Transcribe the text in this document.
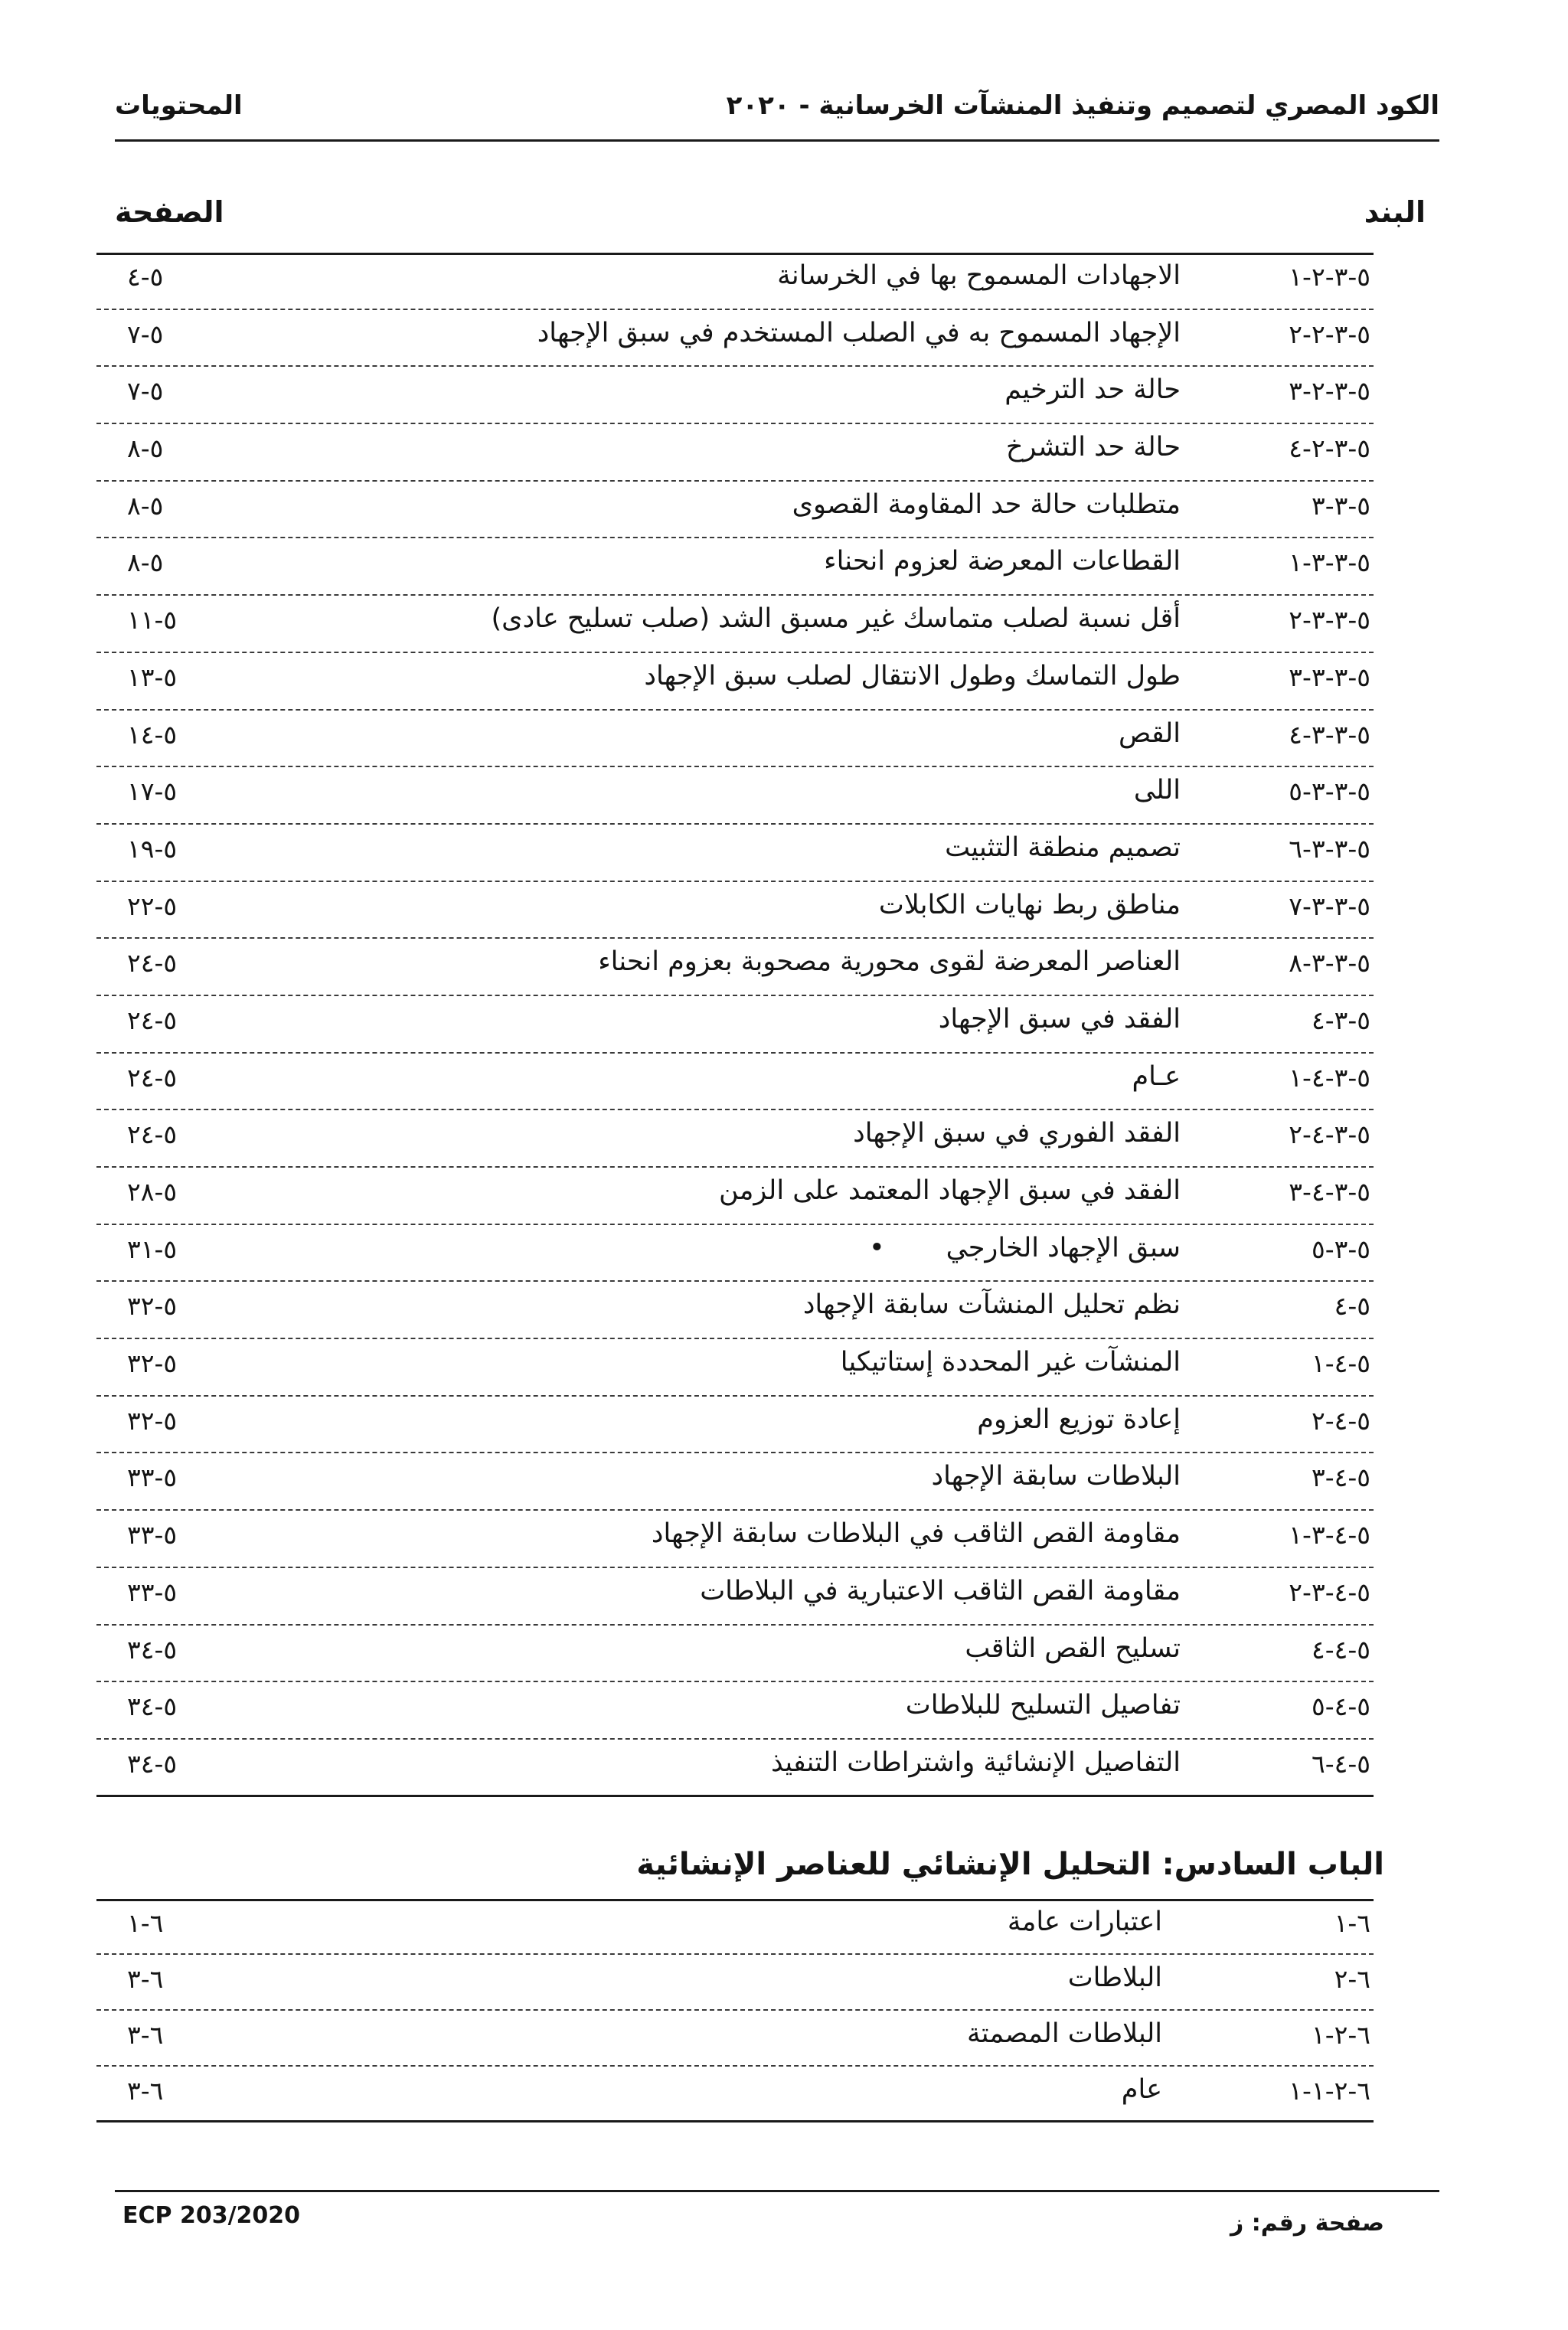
المحتويات	الكود المصري لتصميم وتنفيذ المنشآت الخرسانية - ٢٠٢٠
البند
الصفحة
٥-٣-٢-١
الاجهادات المسموح بها في الخرسانة
٥-٤
٥-٣-٢-٢
الإجهاد المسموح به في الصلب المستخدم في سبق الإجهاد
٥-٧
٥-٣-٢-٣
حالة حد الترخيم
٥-٧
٥-٣-٢-٤
حالة حد التشرخ
٥-٨
٥-٣-٣
متطلبات حالة حد المقاومة القصوى
٥-٨
٥-٣-٣-١
القطاعات المعرضة لعزوم انحناء
٥-٨
٥-٣-٣-٢
أقل نسبة لصلب متماسك غير مسبق الشد (صلب تسليح عادى)
٥-١١
٥-٣-٣-٣
طول التماسك وطول الانتقال لصلب سبق الإجهاد
٥-١٣
٥-٣-٣-٤
القص
٥-١٤
٥-٣-٣-٥
اللى
٥-١٧
٥-٣-٣-٦
تصميم منطقة التثبيت
٥-١٩
٥-٣-٣-٧
مناطق ربط نهايات الكابلات
٥-٢٢
٥-٣-٣-٨
العناصر المعرضة لقوى محورية مصحوبة بعزوم انحناء
٥-٢٤
٥-٣-٤
الفقد في سبق الإجهاد
٥-٢٤
٥-٣-٤-١
عـام
٥-٢٤
٥-٣-٤-٢
الفقد الفوري في سبق الإجهاد
٥-٢٤
٥-٣-٤-٣
الفقد في سبق الإجهاد المعتمد على الزمن
٥-٢٨
٥-٣-٥
سبق الإجهاد الخارجي•
٥-٣١
٥-٤
نظم تحليل المنشآت سابقة الإجهاد
٥-٣٢
٥-٤-١
المنشآت غير المحددة إستاتيكيا
٥-٣٢
٥-٤-٢
إعادة توزيع العزوم
٥-٣٢
٥-٤-٣
البلاطات سابقة الإجهاد
٥-٣٣
٥-٤-٣-١
مقاومة القص الثاقب في البلاطات سابقة الإجهاد
٥-٣٣
٥-٤-٣-٢
مقاومة القص الثاقب الاعتبارية في البلاطات
٥-٣٣
٥-٤-٤
تسليح القص الثاقب
٥-٣٤
٥-٤-٥
تفاصيل التسليح للبلاطات
٥-٣٤
٥-٤-٦
التفاصيل الإنشائية واشتراطات التنفيذ
٥-٣٤
الباب السادس: التحليل الإنشائي للعناصر الإنشائية
٦-١
اعتبارات عامة
٦-١
٦-٢
البلاطات
٦-٣
٦-٢-١
البلاطات المصمتة
٦-٣
٦-٢-١-١
عام
٦-٣
ECP 203/2020	صفحة رقم: ز
